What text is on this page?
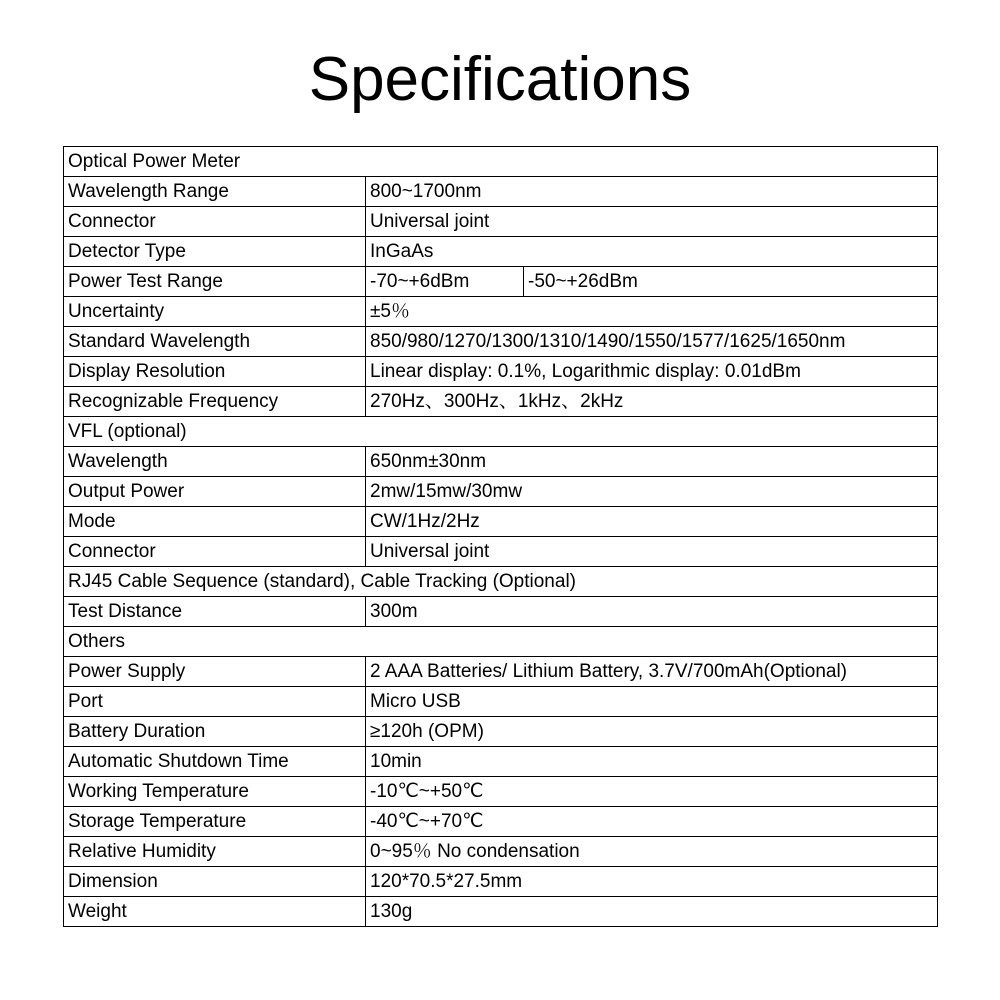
Specifications
Optical Power Meter		
Wavelength Range	800~1700nm	
Connector	Universal joint	
Detector Type	InGaAs	
Power Test Range	-70~+6dBm	-50~+26dBm
Uncertainty	±5％	
Standard Wavelength	850/980/1270/1300/1310/1490/1550/1577/1625/1650nm	
Display Resolution	Linear display: 0.1%, Logarithmic display: 0.01dBm	
Recognizable Frequency	270Hz、300Hz、1kHz、2kHz	
VFL (optional)		
Wavelength	650nm±30nm	
Output Power	2mw/15mw/30mw	
Mode	CW/1Hz/2Hz	
Connector	Universal joint	
RJ45 Cable Sequence (standard), Cable Tracking (Optional)		
Test Distance	300m	
Others		
Power Supply	2 AAA Batteries/ Lithium Battery, 3.7V/700mAh(Optional)	
Port	Micro USB	
Battery Duration	≥120h (OPM)	
Automatic Shutdown Time	10min	
Working Temperature	-10℃~+50℃	
Storage Temperature	-40℃~+70℃	
Relative Humidity	0~95％ No condensation	
Dimension	120*70.5*27.5mm	
Weight	130g	
